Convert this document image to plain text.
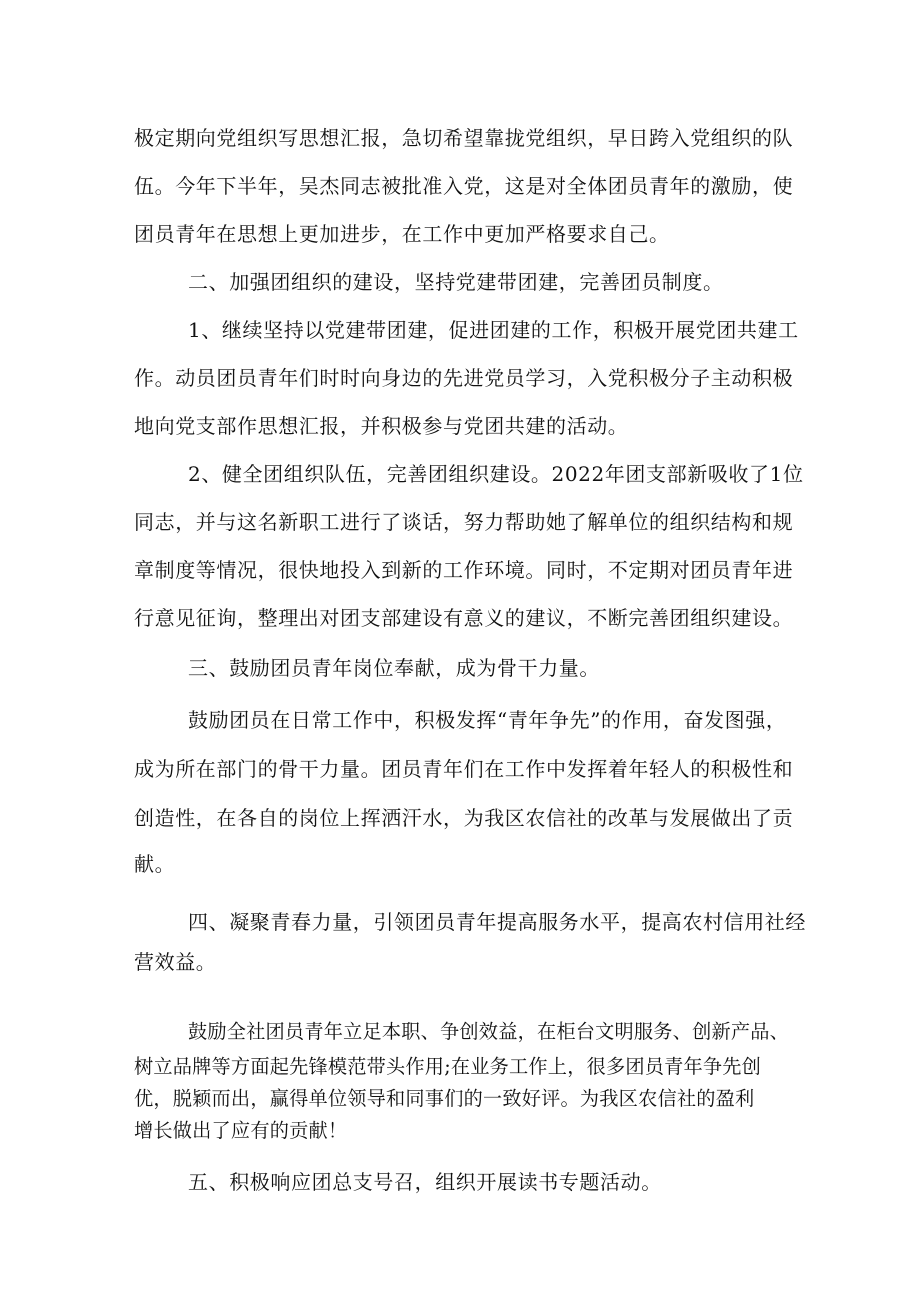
极定期向党组织写思想汇报，急切希望靠拢党组织，早日跨入党组织的队
伍。今年下半年，吴杰同志被批准入党，这是对全体团员青年的激励，使
团员青年在思想上更加进步，在工作中更加严格要求自己。
二、加强团组织的建设，坚持党建带团建，完善团员制度。
1、继续坚持以党建带团建，促进团建的工作，积极开展党团共建工
作。动员团员青年们时时向身边的先进党员学习，入党积极分子主动积极
地向党支部作思想汇报，并积极参与党团共建的活动。
2、健全团组织队伍，完善团组织建设。2022年团支部新吸收了1位
同志，并与这名新职工进行了谈话，努力帮助她了解单位的组织结构和规
章制度等情况，很快地投入到新的工作环境。同时，不定期对团员青年进
行意见征询，整理出对团支部建设有意义的建议，不断完善团组织建设。
三、鼓励团员青年岗位奉献，成为骨干力量。
鼓励团员在日常工作中，积极发挥“青年争先”的作用，奋发图强，
成为所在部门的骨干力量。团员青年们在工作中发挥着年轻人的积极性和
创造性，在各自的岗位上挥洒汗水，为我区农信社的改革与发展做出了贡
献。
四、凝聚青春力量，引领团员青年提高服务水平，提高农村信用社经
营效益。
鼓励全社团员青年立足本职、争创效益，在柜台文明服务、创新产品、
树立品牌等方面起先锋模范带头作用;在业务工作上，很多团员青年争先创
优，脱颖而出，赢得单位领导和同事们的一致好评。为我区农信社的盈利
增长做出了应有的贡献！
五、积极响应团总支号召，组织开展读书专题活动。
